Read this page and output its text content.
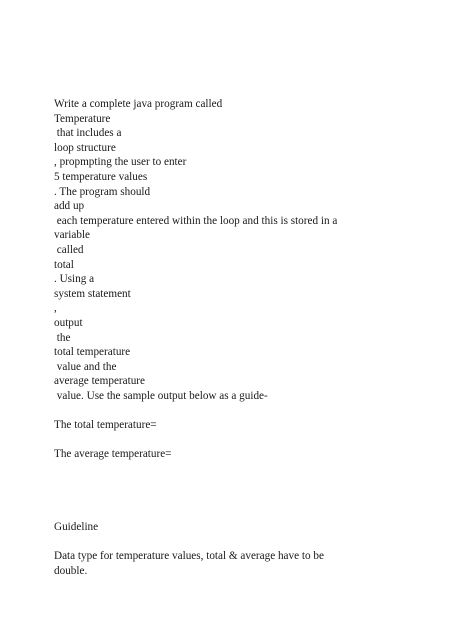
Write a complete java program called
Temperature
that includes a
loop structure
, propmpting the user to enter
5 temperature values
. The program should
add up
each temperature entered within the loop and this is stored in a
variable
called
total
. Using a
system statement
,
output
the
total temperature
value and the
average temperature
value. Use the sample output below as a guide-
The total temperature=
The average temperature=
Guideline
Data type for temperature values, total & average have to be
double.
